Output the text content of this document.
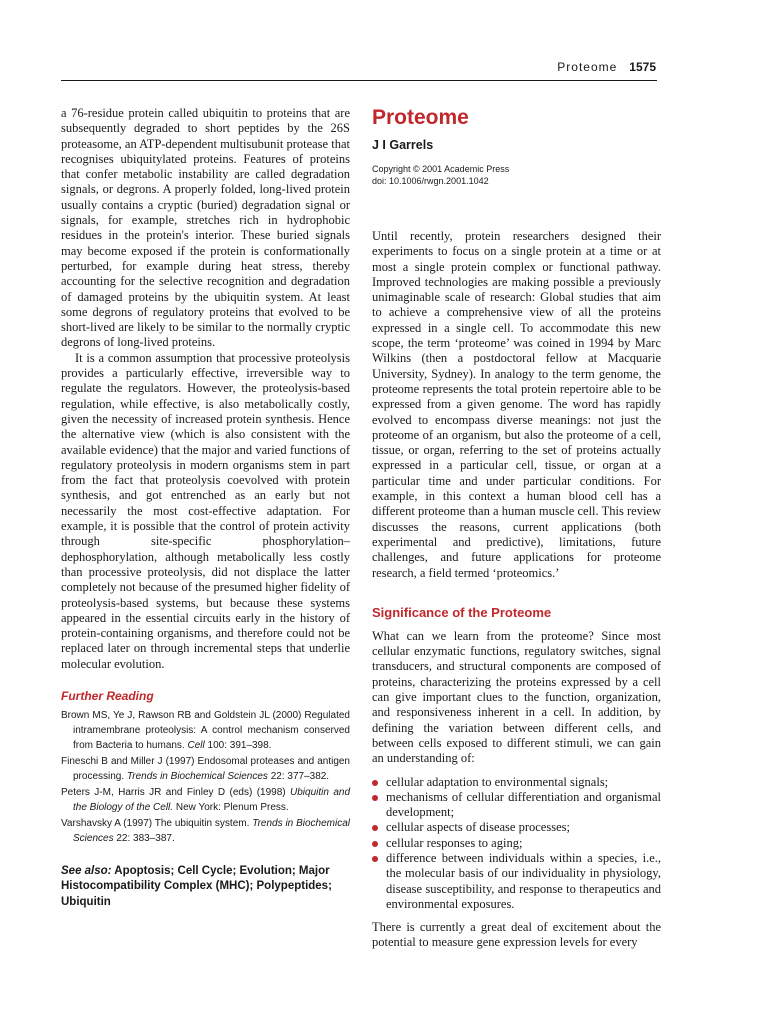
Proteome 1575

a 76-residue protein called ubiquitin to proteins that are subsequently degraded to short peptides by the 26S proteasome, an ATP-dependent multisubunit protease that recognises ubiquitylated proteins. Features of proteins that confer metabolic instability are called degradation signals, or degrons. A properly folded, long-lived protein usually contains a cryptic (buried) degradation signal or signals, for example, stretches rich in hydrophobic residues in the protein's interior. These buried signals may become exposed if the protein is conformationally perturbed, for example during heat stress, thereby accounting for the selective recognition and degradation of damaged proteins by the ubiquitin system. At least some degrons of regulatory proteins that evolved to be short-lived are likely to be similar to the normally cryptic degrons of long-lived proteins.

It is a common assumption that processive proteolysis provides a particularly effective, irreversible way to regulate the regulators. However, the proteolysis-based regulation, while effective, is also metabolically costly, given the necessity of increased protein synthesis. Hence the alternative view (which is also consistent with the available evidence) that the major and varied functions of regulatory proteolysis in modern organisms stem in part from the fact that proteolysis coevolved with protein synthesis, and got entrenched as an early but not necessarily the most cost-effective adaptation. For example, it is possible that the control of protein activity through site-specific phosphorylation–dephosphorylation, although metabolically less costly than processive proteolysis, did not displace the latter completely not because of the presumed higher fidelity of proteolysis-based systems, but because these systems appeared in the essential circuits early in the history of protein-containing organisms, and therefore could not be replaced later on through incremental steps that underlie molecular evolution.

Further Reading

Brown MS, Ye J, Rawson RB and Goldstein JL (2000) Regulated intramembrane proteolysis: A control mechanism conserved from Bacteria to humans. Cell 100: 391–398.

Fineschi B and Miller J (1997) Endosomal proteases and antigen processing. Trends in Biochemical Sciences 22: 377–382.

Peters J-M, Harris JR and Finley D (eds) (1998) Ubiquitin and the Biology of the Cell. New York: Plenum Press.

Varshavsky A (1997) The ubiquitin system. Trends in Biochemical Sciences 22: 383–387.

See also: Apoptosis; Cell Cycle; Evolution; Major Histocompatibility Complex (MHC); Polypeptides; Ubiquitin
Proteome
J I Garrels

Copyright © 2001 Academic Press

doi: 10.1006/rwgn.2001.1042

Until recently, protein researchers designed their experiments to focus on a single protein at a time or at most a single protein complex or functional pathway. Improved technologies are making possible a previously unimaginable scale of research: Global studies that aim to achieve a comprehensive view of all the proteins expressed in a single cell. To accommodate this new scope, the term ‘proteome’ was coined in 1994 by Marc Wilkins (then a postdoctoral fellow at Macquarie University, Sydney). In analogy to the term genome, the proteome represents the total protein repertoire able to be expressed from a given genome. The word has rapidly evolved to encompass diverse meanings: not just the proteome of an organism, but also the proteome of a cell, tissue, or organ, referring to the set of proteins actually expressed in a particular cell, tissue, or organ at a particular time and under particular conditions. For example, in this context a human blood cell has a different proteome than a human muscle cell. This review discusses the reasons, current applications (both experimental and predictive), limitations, future challenges, and future applications for proteome research, a field termed ‘proteomics.’

Significance of the Proteome

What can we learn from the proteome? Since most cellular enzymatic functions, regulatory switches, signal transducers, and structural components are composed of proteins, characterizing the proteins expressed by a cell can give important clues to the function, organization, and responsiveness inherent in a cell. In addition, by defining the variation between different cells, and between cells exposed to different stimuli, we can gain an understanding of:

cellular adaptation to environmental signals;
mechanisms of cellular differentiation and organismal development;
cellular aspects of disease processes;
cellular responses to aging;
difference between individuals within a species, i.e., the molecular basis of our individuality in physiology, disease susceptibility, and response to therapeutics and environmental exposures.

There is currently a great deal of excitement about the potential to measure gene expression levels for every
